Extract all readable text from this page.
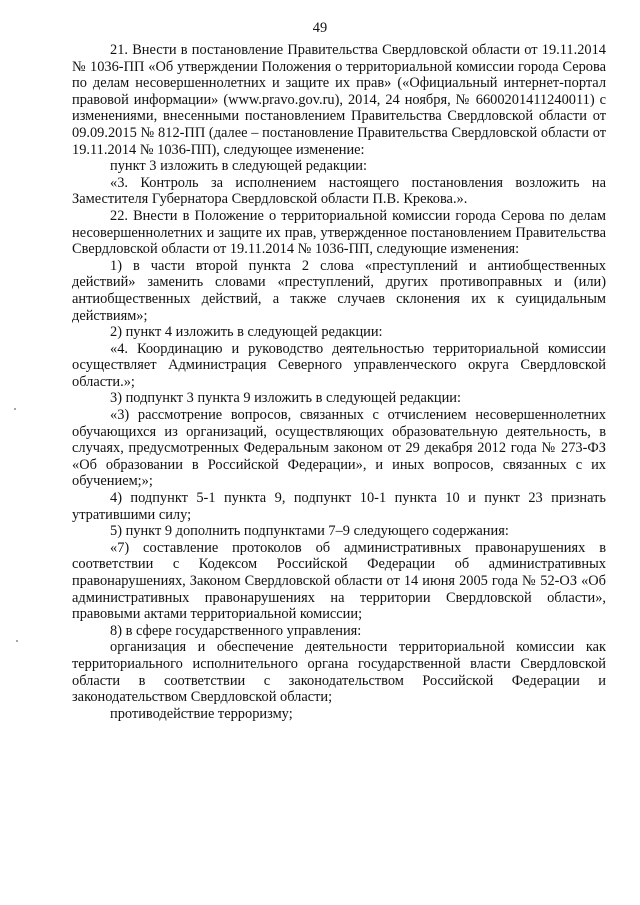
49

21. Внести в постановление Правительства Свердловской области от 19.11.2014 № 1036-ПП «Об утверждении Положения о территориальной комиссии города Серова по делам несовершеннолетних и защите их прав» («Официальный интернет-портал правовой информации» (www.pravo.gov.ru), 2014, 24 ноября, № 6600201411240011) с изменениями, внесенными постановлением Правительства Свердловской области от 09.09.2015 № 812-ПП (далее – постановление Правительства Свердловской области от 19.11.2014 № 1036-ПП), следующее изменение:

пункт 3 изложить в следующей редакции:

«3. Контроль за исполнением настоящего постановления возложить на Заместителя Губернатора Свердловской области П.В. Крекова.».

22. Внести в Положение о территориальной комиссии города Серова по делам несовершеннолетних и защите их прав, утвержденное постановлением Правительства Свердловской области от 19.11.2014 № 1036-ПП, следующие изменения:

1) в части второй пункта 2 слова «преступлений и антиобщественных действий» заменить словами «преступлений, других противоправных и (или) антиобщественных действий, а также случаев склонения их к суицидальным действиям»;

2) пункт 4 изложить в следующей редакции:

«4. Координацию и руководство деятельностью территориальной комиссии осуществляет Администрация Северного управленческого округа Свердловской области.»;

3) подпункт 3 пункта 9 изложить в следующей редакции:

«3) рассмотрение вопросов, связанных с отчислением несовершеннолетних обучающихся из организаций, осуществляющих образовательную деятельность, в случаях, предусмотренных Федеральным законом от 29 декабря 2012 года № 273-ФЗ «Об образовании в Российской Федерации», и иных вопросов, связанных с их обучением;»;

4) подпункт 5-1 пункта 9, подпункт 10-1 пункта 10 и пункт 23 признать утратившими силу;

5) пункт 9 дополнить подпунктами 7–9 следующего содержания:

«7) составление протоколов об административных правонарушениях в соответствии с Кодексом Российской Федерации об административных правонарушениях, Законом Свердловской области от 14 июня 2005 года № 52-ОЗ «Об административных правонарушениях на территории Свердловской области», правовыми актами территориальной комиссии;

8) в сфере государственного управления:

организация и обеспечение деятельности территориальной комиссии как территориального исполнительного органа государственной власти Свердловской области в соответствии с законодательством Российской Федерации и законодательством Свердловской области;

противодействие терроризму;
